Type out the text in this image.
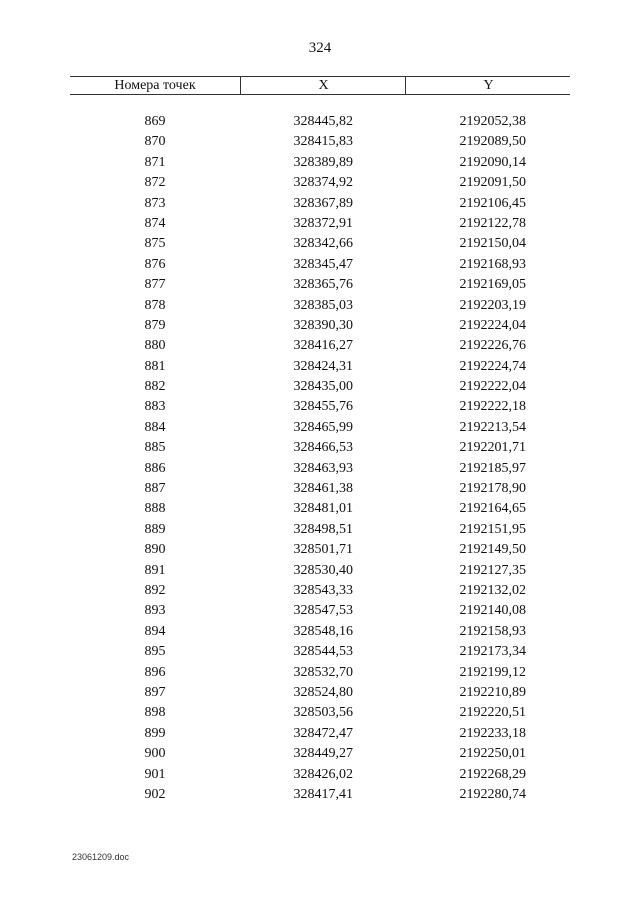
324
Номера точек	X	Y
869	328445,82	2192052,38
870	328415,83	2192089,50
871	328389,89	2192090,14
872	328374,92	2192091,50
873	328367,89	2192106,45
874	328372,91	2192122,78
875	328342,66	2192150,04
876	328345,47	2192168,93
877	328365,76	2192169,05
878	328385,03	2192203,19
879	328390,30	2192224,04
880	328416,27	2192226,76
881	328424,31	2192224,74
882	328435,00	2192222,04
883	328455,76	2192222,18
884	328465,99	2192213,54
885	328466,53	2192201,71
886	328463,93	2192185,97
887	328461,38	2192178,90
888	328481,01	2192164,65
889	328498,51	2192151,95
890	328501,71	2192149,50
891	328530,40	2192127,35
892	328543,33	2192132,02
893	328547,53	2192140,08
894	328548,16	2192158,93
895	328544,53	2192173,34
896	328532,70	2192199,12
897	328524,80	2192210,89
898	328503,56	2192220,51
899	328472,47	2192233,18
900	328449,27	2192250,01
901	328426,02	2192268,29
902	328417,41	2192280,74
23061209.doc
